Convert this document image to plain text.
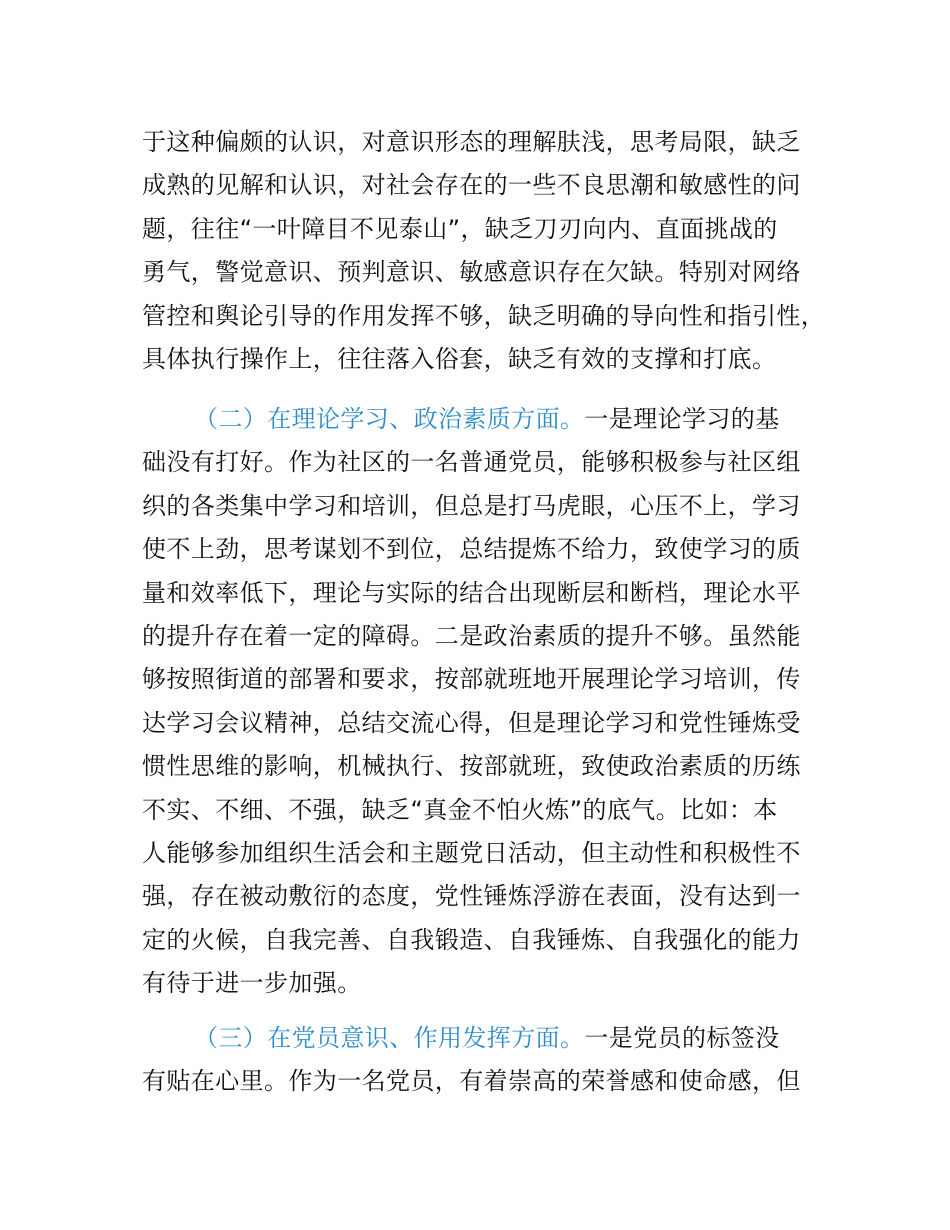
于这种偏颇的认识，对意识形态的理解肤浅，思考局限，缺乏
成熟的见解和认识，对社会存在的一些不良思潮和敏感性的问
题，往往“一叶障目不见泰山”，缺乏刀刃向内、直面挑战的
勇气，警觉意识、预判意识、敏感意识存在欠缺。特别对网络
管控和舆论引导的作用发挥不够，缺乏明确的导向性和指引性，
具体执行操作上，往往落入俗套，缺乏有效的支撑和打底。
（二）在理论学习、政治素质方面。一是理论学习的基
础没有打好。作为社区的一名普通党员，能够积极参与社区组
织的各类集中学习和培训，但总是打马虎眼，心压不上，学习
使不上劲，思考谋划不到位，总结提炼不给力，致使学习的质
量和效率低下，理论与实际的结合出现断层和断档，理论水平
的提升存在着一定的障碍。二是政治素质的提升不够。虽然能
够按照街道的部署和要求，按部就班地开展理论学习培训，传
达学习会议精神，总结交流心得，但是理论学习和党性锤炼受
惯性思维的影响，机械执行、按部就班，致使政治素质的历练
不实、不细、不强，缺乏“真金不怕火炼”的底气。比如：本
人能够参加组织生活会和主题党日活动，但主动性和积极性不
强，存在被动敷衍的态度，党性锤炼浮游在表面，没有达到一
定的火候，自我完善、自我锻造、自我锤炼、自我强化的能力
有待于进一步加强。
（三）在党员意识、作用发挥方面。一是党员的标签没
有贴在心里。作为一名党员，有着崇高的荣誉感和使命感，但
